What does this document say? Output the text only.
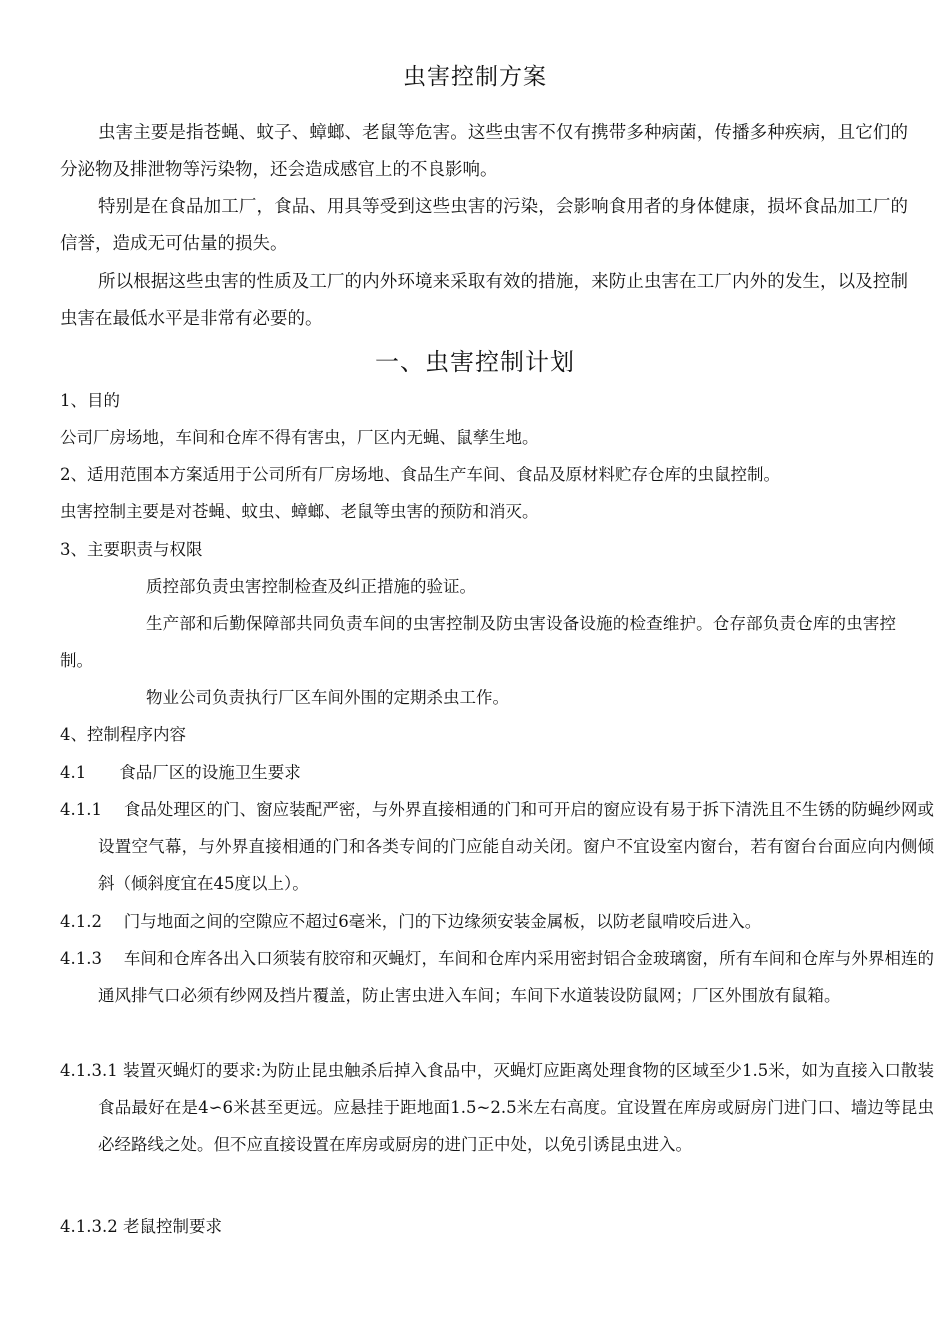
虫害控制方案
虫害主要是指苍蝇、蚊子、蟑螂、老鼠等危害。这些虫害不仅有携带多种病菌，传播多种疾病，且它们的分泌物及排泄物等污染物，还会造成感官上的不良影响。
特别是在食品加工厂，食品、用具等受到这些虫害的污染，会影响食用者的身体健康，损坏食品加工厂的信誉，造成无可估量的损失。
所以根据这些虫害的性质及工厂的内外环境来采取有效的措施，来防止虫害在工厂内外的发生，以及控制虫害在最低水平是非常有必要的。
一、虫害控制计划
1、目的
公司厂房场地，车间和仓库不得有害虫，厂区内无蝇、鼠孳生地。
2、适用范围本方案适用于公司所有厂房场地、食品生产车间、食品及原材料贮存仓库的虫鼠控制。
虫害控制主要是对苍蝇、蚊虫、蟑螂、老鼠等虫害的预防和消灭。
3、主要职责与权限
质控部负责虫害控制检查及纠正措施的验证。
生产部和后勤保障部共同负责车间的虫害控制及防虫害设备设施的检查维护。仓存部负责仓库的虫害控制。
物业公司负责执行厂区车间外围的定期杀虫工作。
4、控制程序内容
4.1　　食品厂区的设施卫生要求
4.1.1　 食品处理区的门、窗应装配严密，与外界直接相通的门和可开启的窗应设有易于拆下清洗且不生锈的防蝇纱网或设置空气幕，与外界直接相通的门和各类专间的门应能自动关闭。窗户不宜设室内窗台，若有窗台台面应向内侧倾斜（倾斜度宜在45度以上）。
4.1.2　 门与地面之间的空隙应不超过6毫米，门的下边缘须安装金属板，以防老鼠啃咬后进入。
4.1.3　 车间和仓库各出入口须装有胶帘和灭蝇灯，车间和仓库内采用密封铝合金玻璃窗，所有车间和仓库与外界相连的通风排气口必须有纱网及挡片覆盖，防止害虫进入车间；车间下水道装设防鼠网；厂区外围放有鼠箱。
4.1.3.1 装置灭蝇灯的要求:为防止昆虫触杀后掉入食品中，灭蝇灯应距离处理食物的区域至少1.5米，如为直接入口散装食品最好在是4∽6米甚至更远。应悬挂于距地面1.5~2.5米左右高度。宜设置在库房或厨房门进门口、墙边等昆虫必经路线之处。但不应直接设置在库房或厨房的进门正中处，以免引诱昆虫进入。
4.1.3.2 老鼠控制要求
